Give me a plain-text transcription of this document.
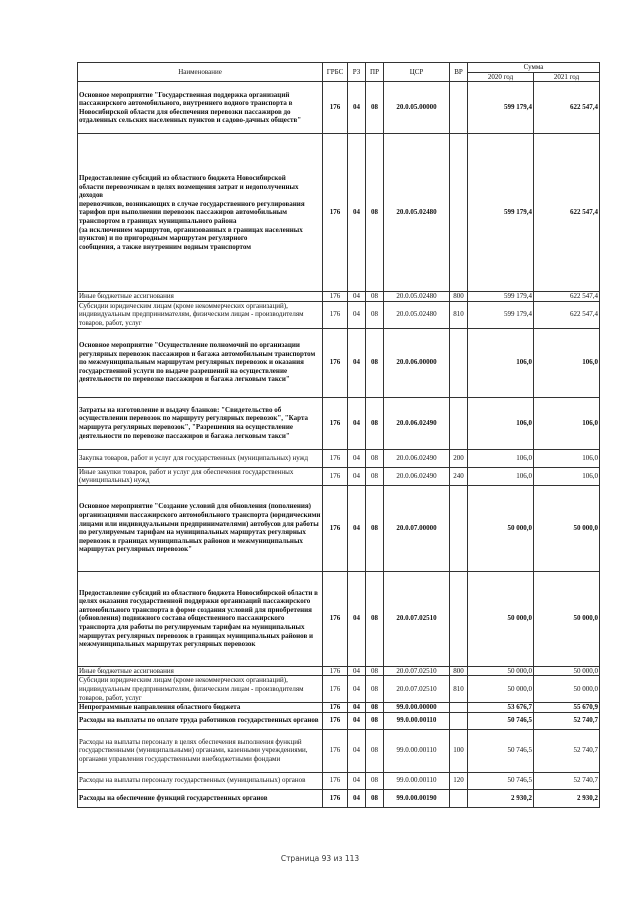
Наименование	ГРБС	РЗ	ПР	ЦСР	ВР	Сумма	
						2020 год	2021 год
Основное мероприятие "Государственная поддержка организаций пассажирского автомобильного, внутреннего водного транспорта в Новосибирской области для обеспечения перевозки пассажиров до отдаленных сельских населенных пунктов и садово-дачных обществ"	176	04	08	20.0.05.00000		599 179,4	622 547,4
Предоставление субсидий из областного бюджета Новосибирской
области перевозчикам в целях возмещения затрат и недополученных доходов
перевозчиков, возникающих в случае государственного регулирования тарифов при выполнении перевозок пассажиров автомобильным транспортом в границах муниципального района
(за исключением маршрутов, организованных в границах населенных пунктов) и по пригородным маршрутам регулярного
сообщения, а также внутренним водным транспортом	176	04	08	20.0.05.02480		599 179,4	622 547,4
Иные бюджетные ассигнования	176	04	08	20.0.05.02480	800	599 179,4	622 547,4
Субсидии юридическим лицам (кроме некоммерческих организаций), индивидуальным предпринимателям, физическим лицам - производителям товаров, работ, услуг	176	04	08	20.0.05.02480	810	599 179,4	622 547,4
Основное мероприятие "Осуществление полномочий по организации регулярных перевозок пассажиров и багажа автомобильным транспортом по межмуниципальным маршрутам регулярных перевозок и оказания государственной услуги по выдаче разрешений на осуществление деятельности по перевозке пассажиров и багажа легковым такси"	176	04	08	20.0.06.00000		106,0	106,0
Затраты на изготовление и выдачу бланков: "Свидетельство об осуществлении перевозок по маршруту регулярных перевозок", "Карта маршрута регулярных перевозок", "Разрешения на осуществление деятельности по перевозке пассажиров и багажа легковым такси"	176	04	08	20.0.06.02490		106,0	106,0
Закупка товаров, работ и услуг для государственных (муниципальных) нужд	176	04	08	20.0.06.02490	200	106,0	106,0
Иные закупки товаров, работ и услуг для обеспечения государственных (муниципальных) нужд	176	04	08	20.0.06.02490	240	106,0	106,0
Основное мероприятие "Создание условий для обновления (пополнения) организациями пассажирского автомобильного транспорта (юридическими лицами или индивидуальными предпринимателями) автобусов для работы по регулируемым тарифам на муниципальных маршрутах регулярных перевозок в границах муниципальных районов и межмуниципальных маршрутах регулярных перевозок"	176	04	08	20.0.07.00000		50 000,0	50 000,0
Предоставление субсидий из областного бюджета Новосибирской области в целях оказания государственной поддержки организаций пассажирского автомобильного транспорта в форме создания условий для приобретения (обновления) подвижного состава общественного пассажирского транспорта для работы по регулируемым тарифам на муниципальных маршрутах регулярных перевозок в границах муниципальных районов и межмуниципальных маршрутах регулярных перевозок	176	04	08	20.0.07.02510		50 000,0	50 000,0
Иные бюджетные ассигнования	176	04	08	20.0.07.02510	800	50 000,0	50 000,0
Субсидии юридическим лицам (кроме некоммерческих организаций), индивидуальным предпринимателям, физическим лицам - производителям товаров, работ, услуг	176	04	08	20.0.07.02510	810	50 000,0	50 000,0
Непрограммные направления областного бюджета	176	04	08	99.0.00.00000		53 676,7	55 670,9
Расходы на выплаты по оплате труда работников государственных органов	176	04	08	99.0.00.00110		50 746,5	52 740,7
Расходы на выплаты персоналу в целях обеспечения выполнения функций государственными (муниципальными) органами, казенными учреждениями, органами управления государственными внебюджетными фондами	176	04	08	99.0.00.00110	100	50 746,5	52 740,7
Расходы на выплаты персоналу государственных (муниципальных) органов	176	04	08	99.0.00.00110	120	50 746,5	52 740,7
Расходы на обеспечение функций государственных органов	176	04	08	99.0.00.00190		2 930,2	2 930,2
Страница 93 из 113
